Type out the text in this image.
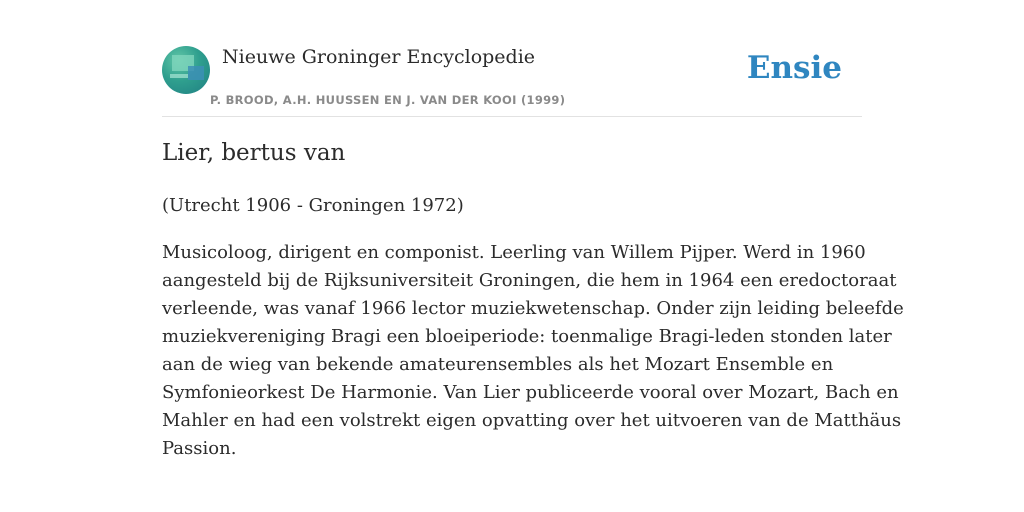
Nieuwe Groninger Encyclopedie
P. BROOD, A.H. HUUSSEN EN J. VAN DER KOOI (1999)
Ensie
Lier, bertus van
(Utrecht 1906 - Groningen 1972)
Musicoloog, dirigent en componist. Leerling van Willem Pijper. Werd in 1960
aangesteld bij de Rijksuniversiteit Groningen, die hem in 1964 een eredoctoraat
verleende, was vanaf 1966 lector muziekwetenschap. Onder zijn leiding beleefde
muziekvereniging Bragi een bloeiperiode: toenmalige Bragi-leden stonden later
aan de wieg van bekende amateurensembles als het Mozart Ensemble en
Symfonieorkest De Harmonie. Van Lier publiceerde vooral over Mozart, Bach en
Mahler en had een volstrekt eigen opvatting over het uitvoeren van de Matthäus
Passion.
